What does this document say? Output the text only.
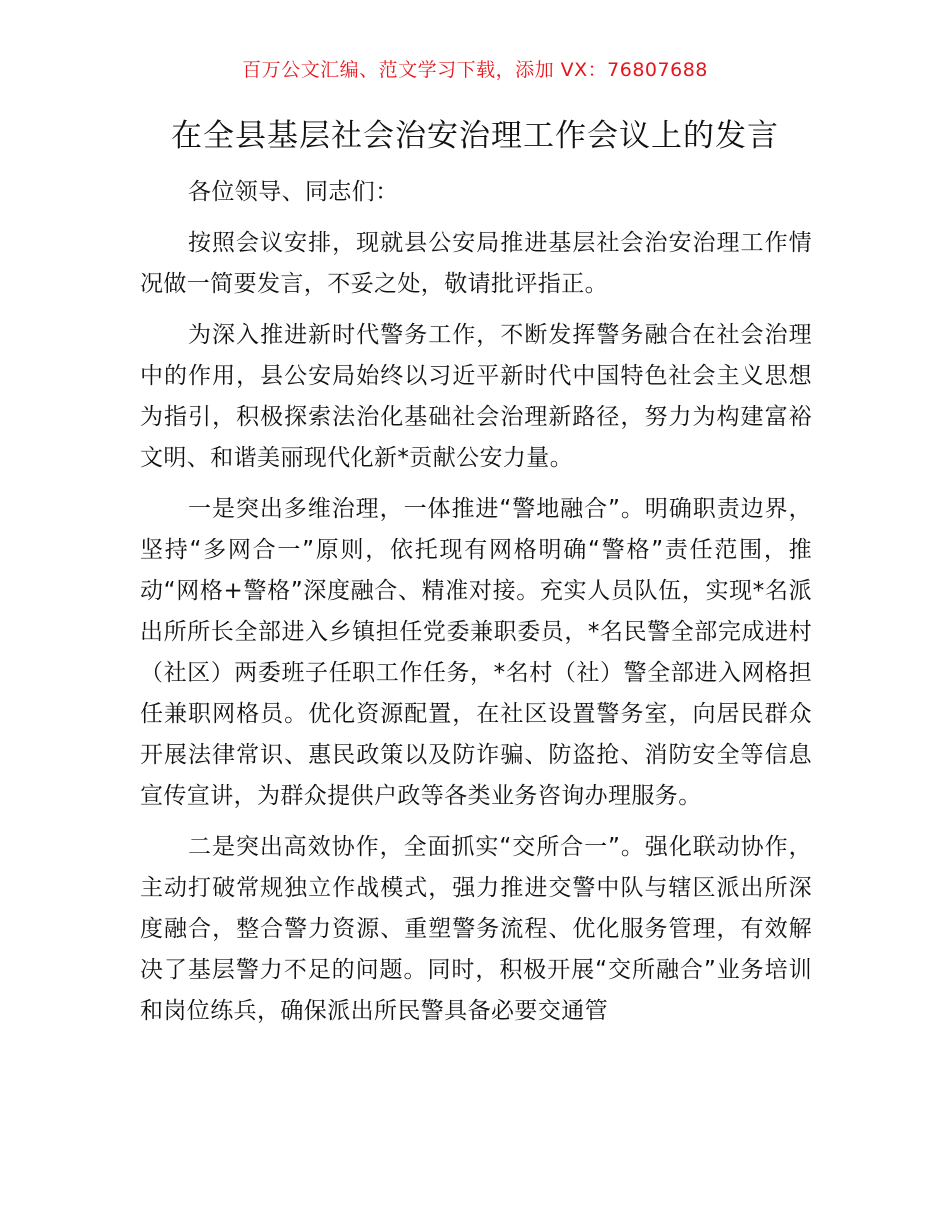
百万公文汇编、范文学习下载，添加 VX：76807688
在全县基层社会治安治理工作会议上的发言

各位领导、同志们：

按照会议安排，现就县公安局推进基层社会治安治理工作情况做一简要发言，不妥之处，敬请批评指正。

为深入推进新时代警务工作，不断发挥警务融合在社会治理中的作用，县公安局始终以习近平新时代中国特色社会主义思想为指引，积极探索法治化基础社会治理新路径，努力为构建富裕文明、和谐美丽现代化新*贡献公安力量。

一是突出多维治理，一体推进“警地融合”。明确职责边界，坚持“多网合一”原则，依托现有网格明确“警格”责任范围，推动“网格+警格”深度融合、精准对接。充实人员队伍，实现*名派出所所长全部进入乡镇担任党委兼职委员，*名民警全部完成进村（社区）两委班子任职工作任务，*名村（社）警全部进入网格担任兼职网格员。优化资源配置，在社区设置警务室，向居民群众开展法律常识、惠民政策以及防诈骗、防盗抢、消防安全等信息宣传宣讲，为群众提供户政等各类业务咨询办理服务。

二是突出高效协作，全面抓实“交所合一”。强化联动协作，主动打破常规独立作战模式，强力推进交警中队与辖区派出所深度融合，整合警力资源、重塑警务流程、优化服务管理，有效解决了基层警力不足的问题。同时，积极开展“交所融合”业务培训和岗位练兵，确保派出所民警具备必要交通管
